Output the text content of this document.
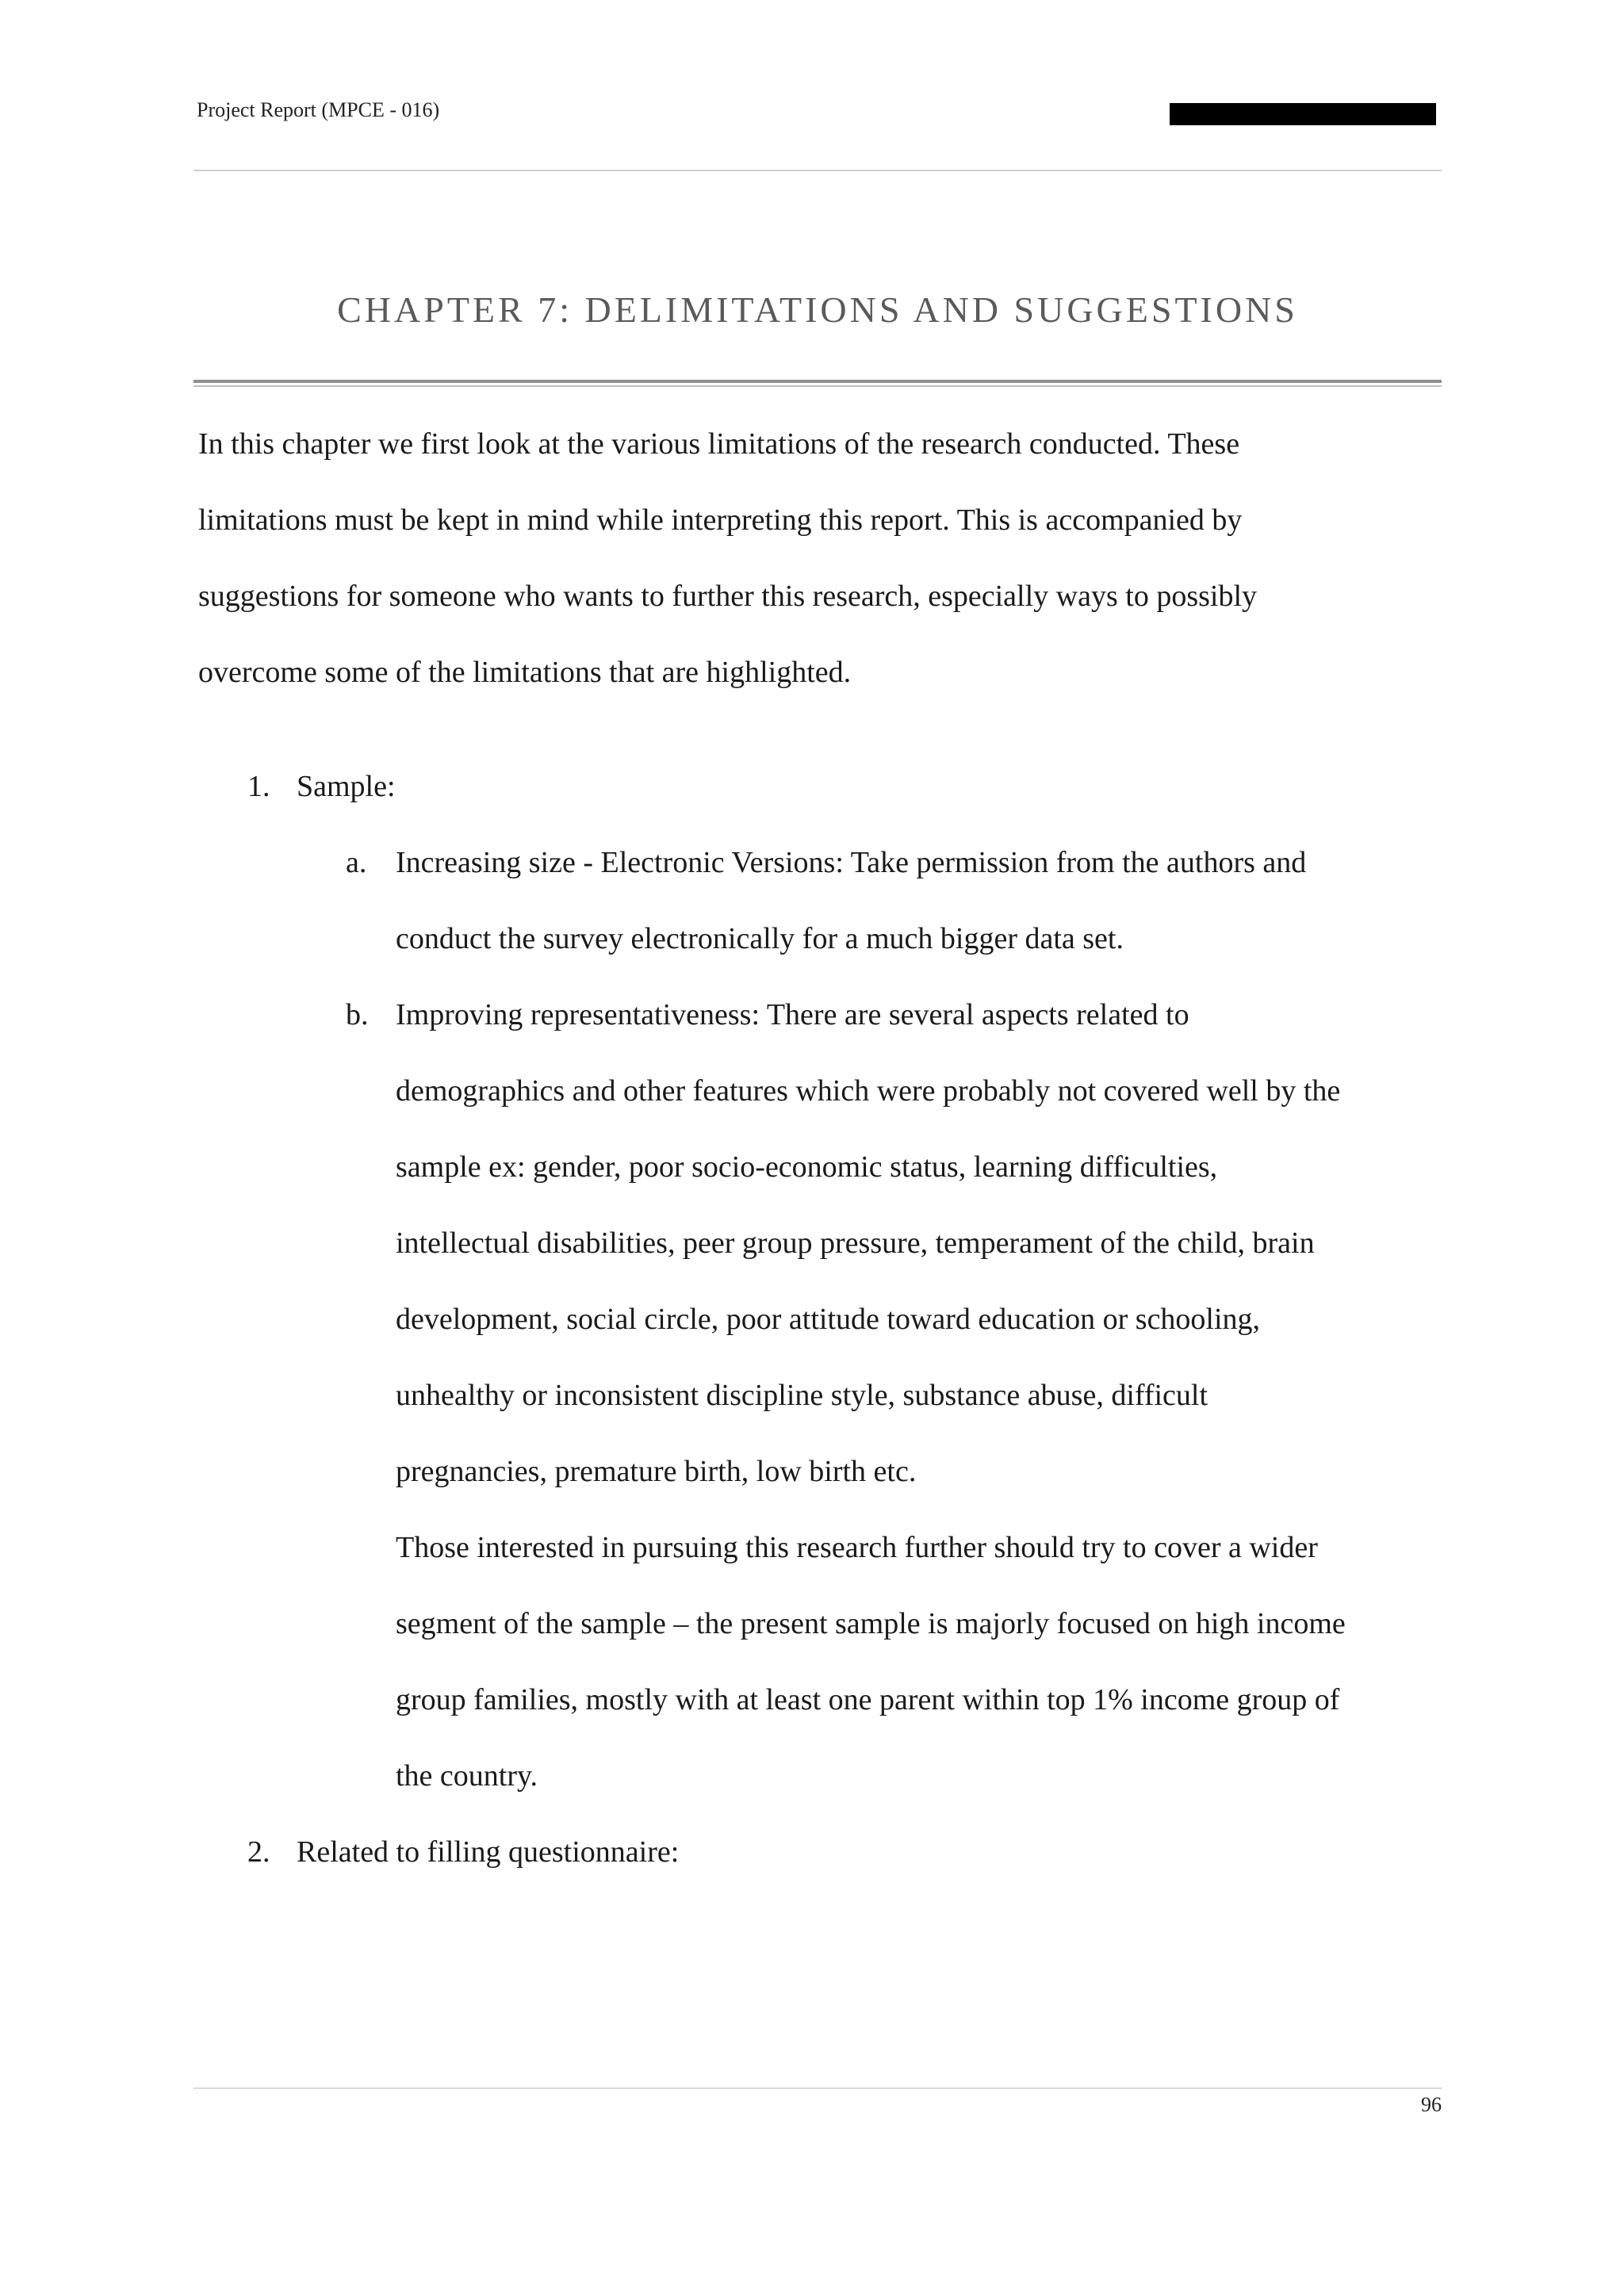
Project Report (MPCE - 016)
CHAPTER 7: DELIMITATIONS AND SUGGESTIONS
In this chapter we first look at the various limitations of the research conducted. These
limitations must be kept in mind while interpreting this report. This is accompanied by
suggestions for someone who wants to further this research, especially ways to possibly
overcome some of the limitations that are highlighted.
1. Sample:
a. Increasing size - Electronic Versions: Take permission from the authors and
conduct the survey electronically for a much bigger data set.
b. Improving representativeness: There are several aspects related to
demographics and other features which were probably not covered well by the
sample ex: gender, poor socio-economic status, learning difficulties,
intellectual disabilities, peer group pressure, temperament of the child, brain
development, social circle, poor attitude toward education or schooling,
unhealthy or inconsistent discipline style, substance abuse, difficult
pregnancies, premature birth, low birth etc.
Those interested in pursuing this research further should try to cover a wider
segment of the sample – the present sample is majorly focused on high income
group families, mostly with at least one parent within top 1% income group of
the country.
2. Related to filling questionnaire:
96
